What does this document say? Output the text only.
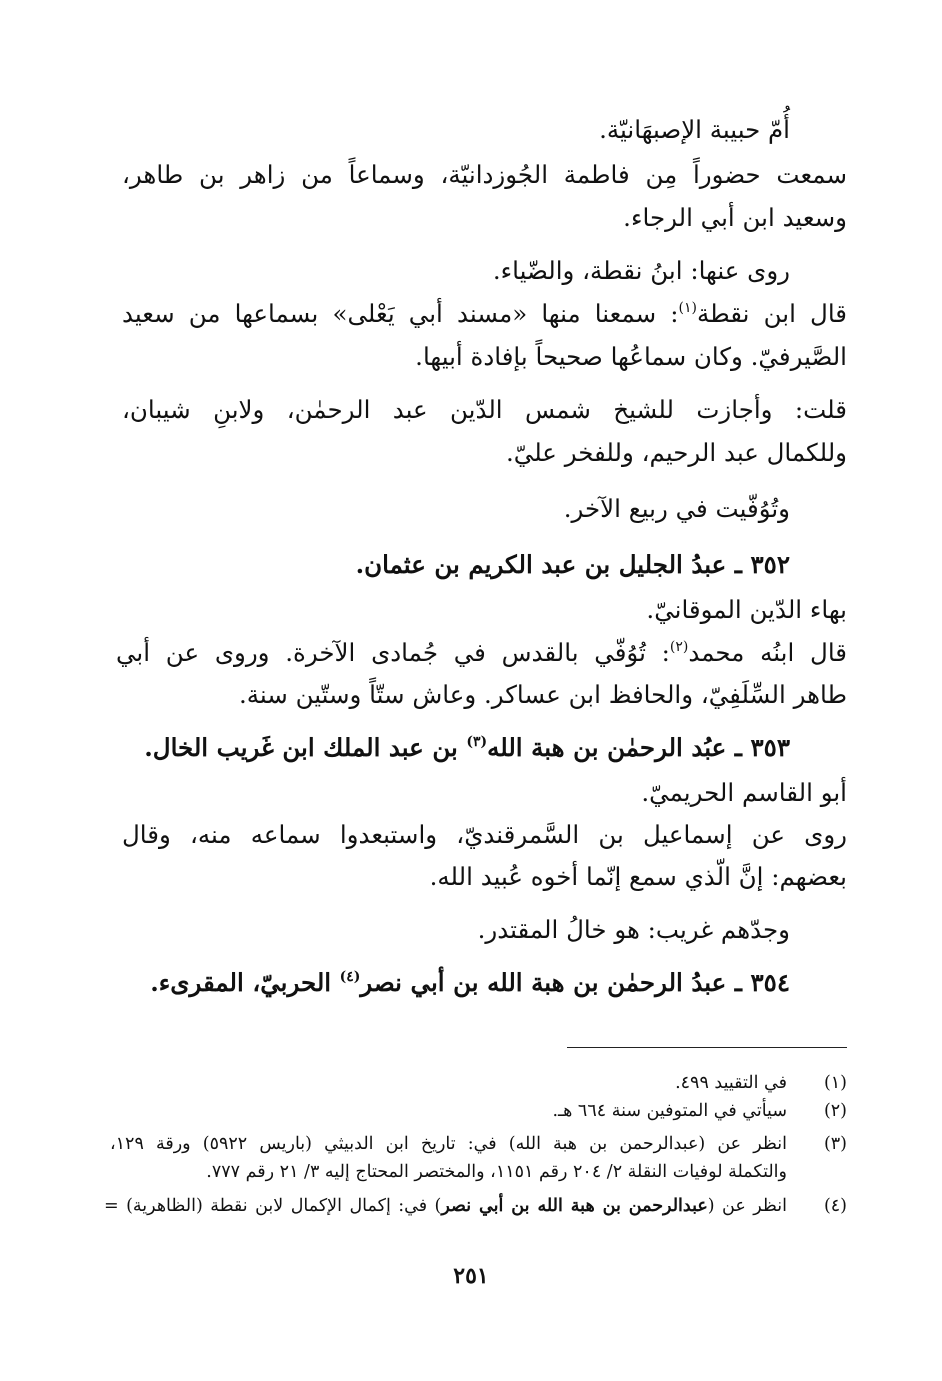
أُمّ حبيبة الإصبهَانيّة.

سمعت حضوراً مِن فاطمة الجُوزدانيّة، وسماعاً من زاهر بن طاهر،

وسعيد ابن أبي الرجاء.

روى عنها: ابنُ نقطة، والضّياء.

قال ابن نقطة$^{(١)}$: سمعنا منها «مسند أبي يَعْلى» بسماعها من سعيد

الصَّيرفيّ. وكان سماعُها صحيحاً بإفادة أبيها.

قلت: وأجازت للشيخ شمس الدّين عبد الرحمٰن، ولابنِ شيبان،

وللكمال عبد الرحيم، وللفخر عليّ.

وتُوُفّيت في ربيع الآخر.

٣٥٢ ـ عبدُ الجليل بن عبد الكريم بن عثمان.

بهاء الدّين الموقانيّ.

قال ابنُه محمد$^{(٢)}$: تُوُفّي بالقدس في جُمادى الآخرة. وروى عن أبي

طاهر السِّلَفِيّ، والحافظ ابن عساكر. وعاش ستّاً وستّين سنة.

٣٥٣ ـ عبُد الرحمٰن بن هبة الله$^{(٣)}$ بن عبد الملك ابن غَريب الخال.

أبو القاسم الحريميّ.

روى عن إسماعيل بن السَّمرقنديّ، واستبعدوا سماعه منه، وقال

بعضهم: إنَّ الّذي سمع إنّما أخوه عُبيد الله.

وجدّهم غريب: هو خالُ المقتدر.

٣٥٤ ـ عبدُ الرحمٰن بن هبة الله بن أبي نصر$^{(٤)}$ الحربيّ، المقرىء.

(١)

في التقييد ٤٩٩.

(٢)

سيأتي في المتوفين سنة ٦٦٤ هـ.

(٣)

انظر عن (عبدالرحمن بن هبة الله) في: تاريخ ابن الدبيثي (باريس ٥٩٢٢) ورقة ١٢٩،

والتكملة لوفيات النقلة ٢/ ٢٠٤ رقم ١١٥١، والمختصر المحتاج إليه ٣/ ٢١ رقم ٧٧٧.

(٤)

انظر عن (عبدالرحمن بن هبة الله بن أبي نصر) في: إكمال الإكمال لابن نقطة (الظاهرية) =

٢٥١
